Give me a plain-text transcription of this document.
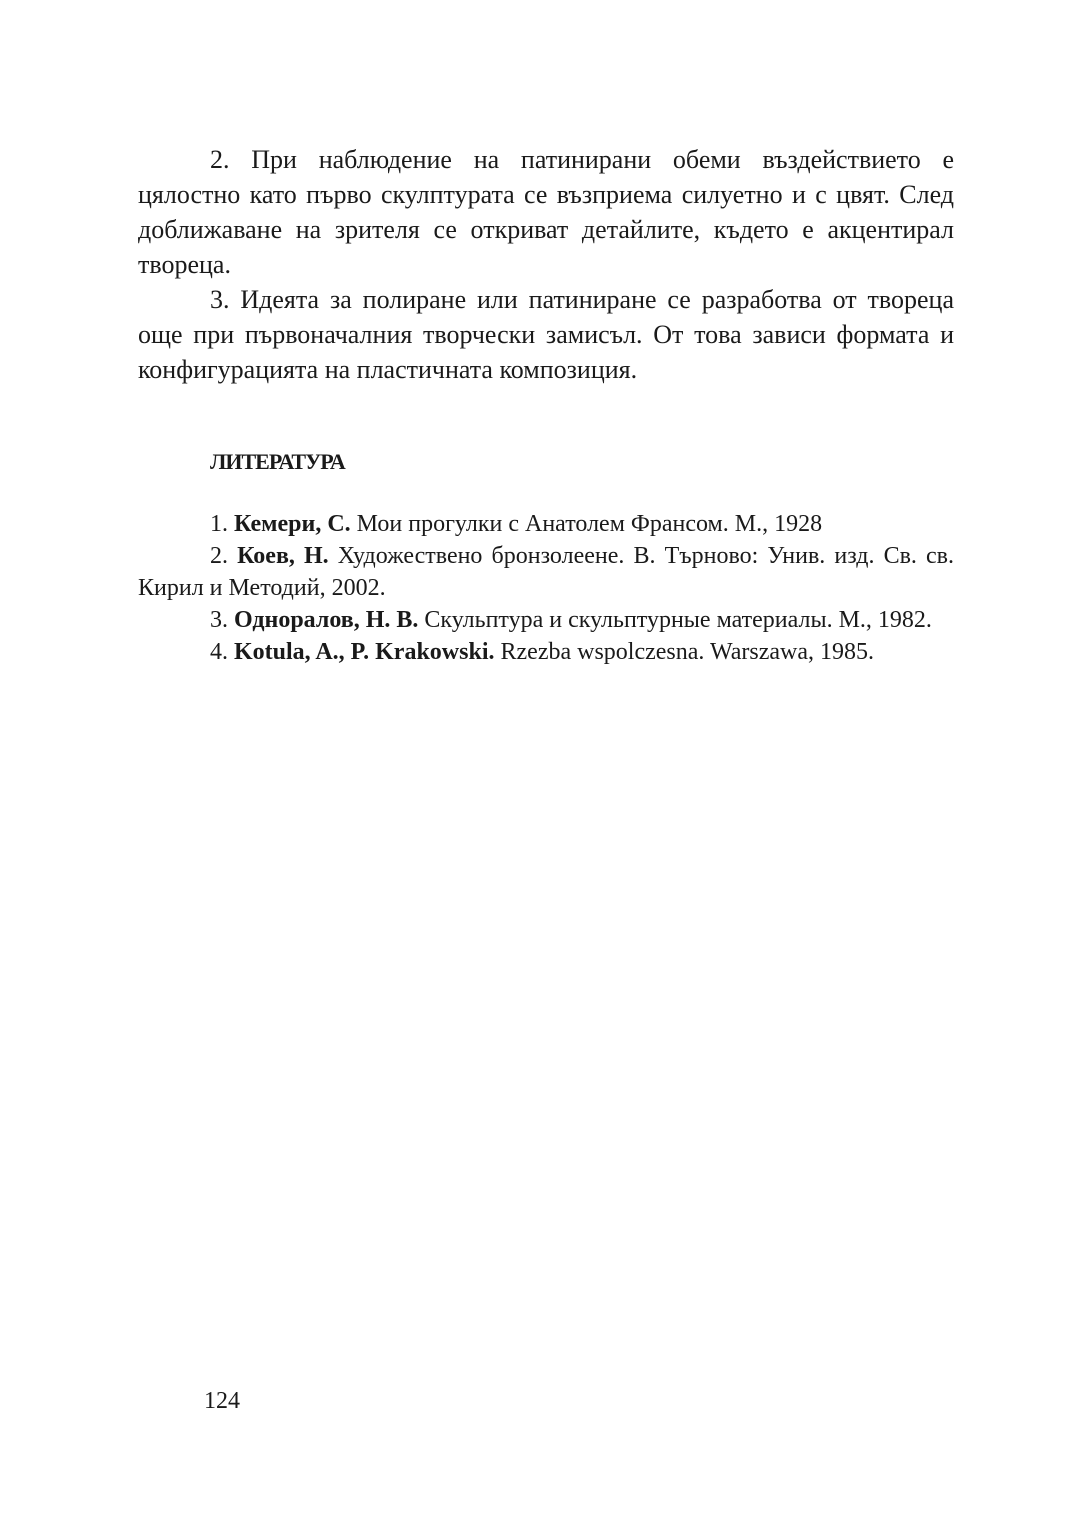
2. При наблюдение на патинирани обеми въздействието е цялостно като първо скулптурата се възприема силуетно и с цвят. След доближаване на зрителя се откриват детайлите, където е акцентирал твореца.

3. Идеята за полиране или патиниране се разработва от твореца още при първоначалния творчески замисъл. От това зависи формата и конфигурацията на пластичната композиция.

ЛИТЕРАТУРА

1. Кемери, С. Мои прогулки с Анатолем Франсом. М., 1928

2. Коев, Н. Художествено бронзолеене. В. Търново: Унив. изд. Св. св. Кирил и Методий, 2002.

3. Одноралов, Н. В. Скульптура и скульптурные материалы. М., 1982.

4. Kotula, A., P. Krakowski. Rzezba wspolczesna. Warszawa, 1985.

124
